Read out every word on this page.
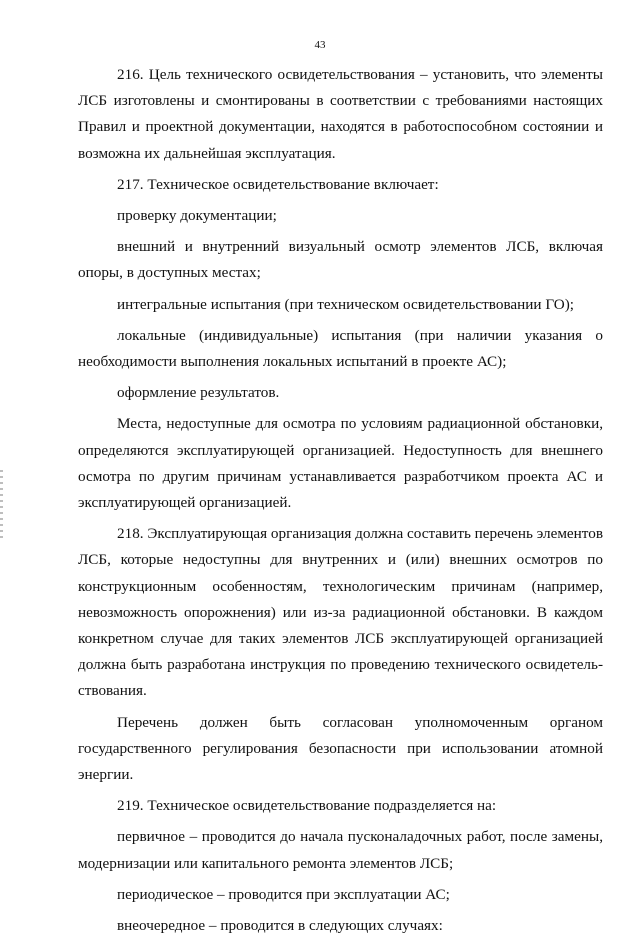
43

216. Цель технического освидетельствования – установить, что элементы ЛСБ изготовлены и смонтированы в соответствии с требованиями настоящих Правил и проектной документации, находятся в работоспособном состоянии и возможна их дальнейшая эксплуатация.

217. Техническое освидетельствование включает:

проверку документации;

внешний и внутренний визуальный осмотр элементов ЛСБ, включая опоры, в доступных местах;

интегральные испытания (при техническом освидетельствовании ГО);

локальные (индивидуальные) испытания (при наличии указания о необходимости выполнения локальных испытаний в проекте АС);

оформление результатов.

Места, недоступные для осмотра по условиям радиационной обстановки, определяются эксплуатирующей организацией. Недоступность для внешнего осмотра по другим причинам устанавливается разработчиком проекта АС и эксплуатирующей организацией.

218. Эксплуатирующая организация должна составить перечень элементов ЛСБ, которые недоступны для внутренних и (или) внешних осмотров по конструкционным особенностям, технологическим причинам (например, невозможность опорожнения) или из-за радиационной обстановки. В каждом конкретном случае для таких элементов ЛСБ эксплуатирующей организацией должна быть разработана инструкция по проведению технического освидетельствования.

Перечень должен быть согласован уполномоченным органом государственного регулирования безопасности при использовании атомной энергии.

219. Техническое освидетельствование подразделяется на:

первичное – проводится до начала пусконаладочных работ, после замены, модернизации или капитального ремонта элементов ЛСБ;

периодическое – проводится при эксплуатации АС;

внеочередное – проводится в следующих случаях:
